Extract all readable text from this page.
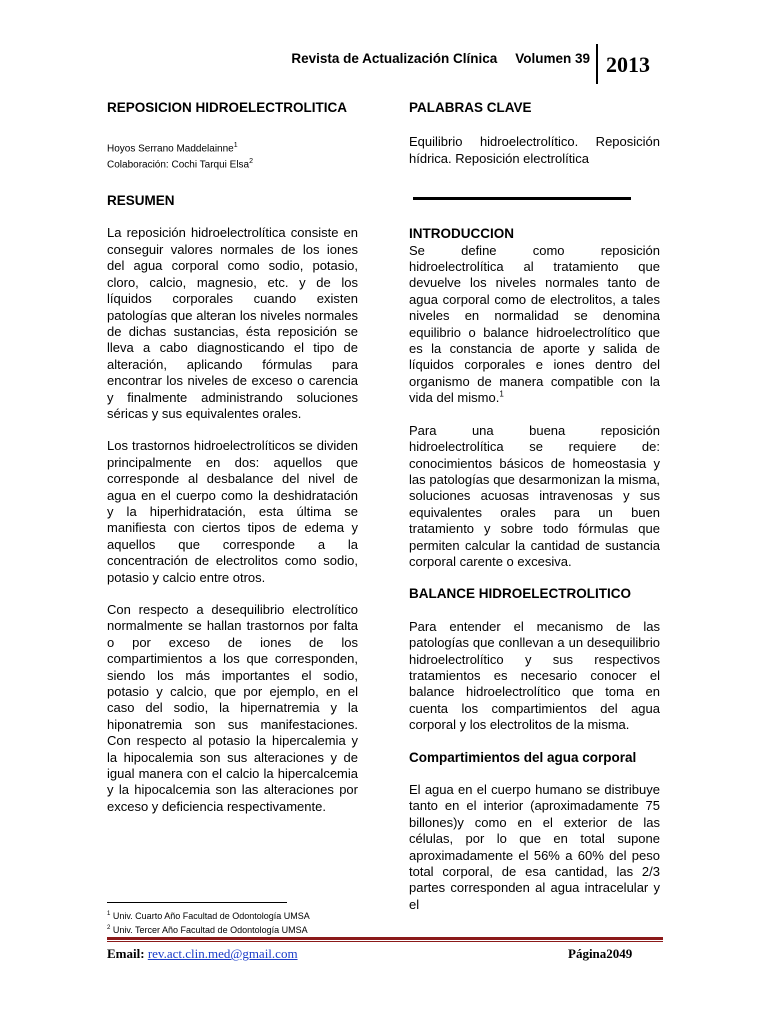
Revista de Actualización Clínica Volumen 39 2013

REPOSICION HIDROELECTROLITICA

Hoyos Serrano Maddelainne$^1$
Colaboración: Cochi Tarqui Elsa$^2$

RESUMEN

La reposición hidroelectrolítica consiste en conseguir valores normales de los iones del agua corporal como sodio, potasio, cloro, calcio, magnesio, etc. y de los líquidos corporales cuando existen patologías que alteran los niveles normales de dichas sustancias, ésta reposición se lleva a cabo diagnosticando el tipo de alteración, aplicando fórmulas para encontrar los niveles de exceso o carencia y finalmente administrando soluciones séricas y sus equivalentes orales.

Los trastornos hidroelectrolíticos se dividen principalmente en dos: aquellos que corresponde al desbalance del nivel de agua en el cuerpo como la deshidratación y la hiperhidratación, esta última se manifiesta con ciertos tipos de edema y aquellos que corresponde a la concentración de electrolitos como sodio, potasio y calcio entre otros.

Con respecto a desequilibrio electrolítico normalmente se hallan trastornos por falta o por exceso de iones de los compartimientos a los que corresponden, siendo los más importantes el sodio, potasio y calcio, que por ejemplo, en el caso del sodio, la hipernatremia y la hiponatremia son sus manifestaciones. Con respecto al potasio la hipercalemia y la hipocalemia son sus alteraciones y de igual manera con el calcio la hipercalcemia y la hipocalcemia son las alteraciones por exceso y deficiencia respectivamente.

PALABRAS CLAVE

Equilibrio hidroelectrolítico. Reposición hídrica. Reposición electrolítica

INTRODUCCION

Se define como reposición hidroelectrolítica al tratamiento que devuelve los niveles normales tanto de agua corporal como de electrolitos, a tales niveles en normalidad se denomina equilibrio o balance hidroelectrolítico que es la constancia de aporte y salida de líquidos corporales e iones dentro del organismo de manera compatible con la vida del mismo.$^1$

Para una buena reposición hidroelectrolítica se requiere de: conocimientos básicos de homeostasia y las patologías que desarmonizan la misma, soluciones acuosas intravenosas y sus equivalentes orales para un buen tratamiento y sobre todo fórmulas que permiten calcular la cantidad de sustancia corporal carente o excesiva.

BALANCE HIDROELECTROLITICO

Para entender el mecanismo de las patologías que conllevan a un desequilibrio hidroelectrolítico y sus respectivos tratamientos es necesario conocer el balance hidroelectrolítico que toma en cuenta los compartimientos del agua corporal y los electrolitos de la misma.

Compartimientos del agua corporal

El agua en el cuerpo humano se distribuye tanto en el interior (aproximadamente 75 billones)y como en el exterior de las células, por lo que en total supone aproximadamente el 56% a 60% del peso total corporal, de esa cantidad, las 2/3 partes corresponden al agua intracelular y el

$^1$ Univ. Cuarto Año Facultad de Odontología UMSA
$^2$ Univ. Tercer Año Facultad de Odontología UMSA
Email: rev.act.clin.med@gmail.com	Página2049
